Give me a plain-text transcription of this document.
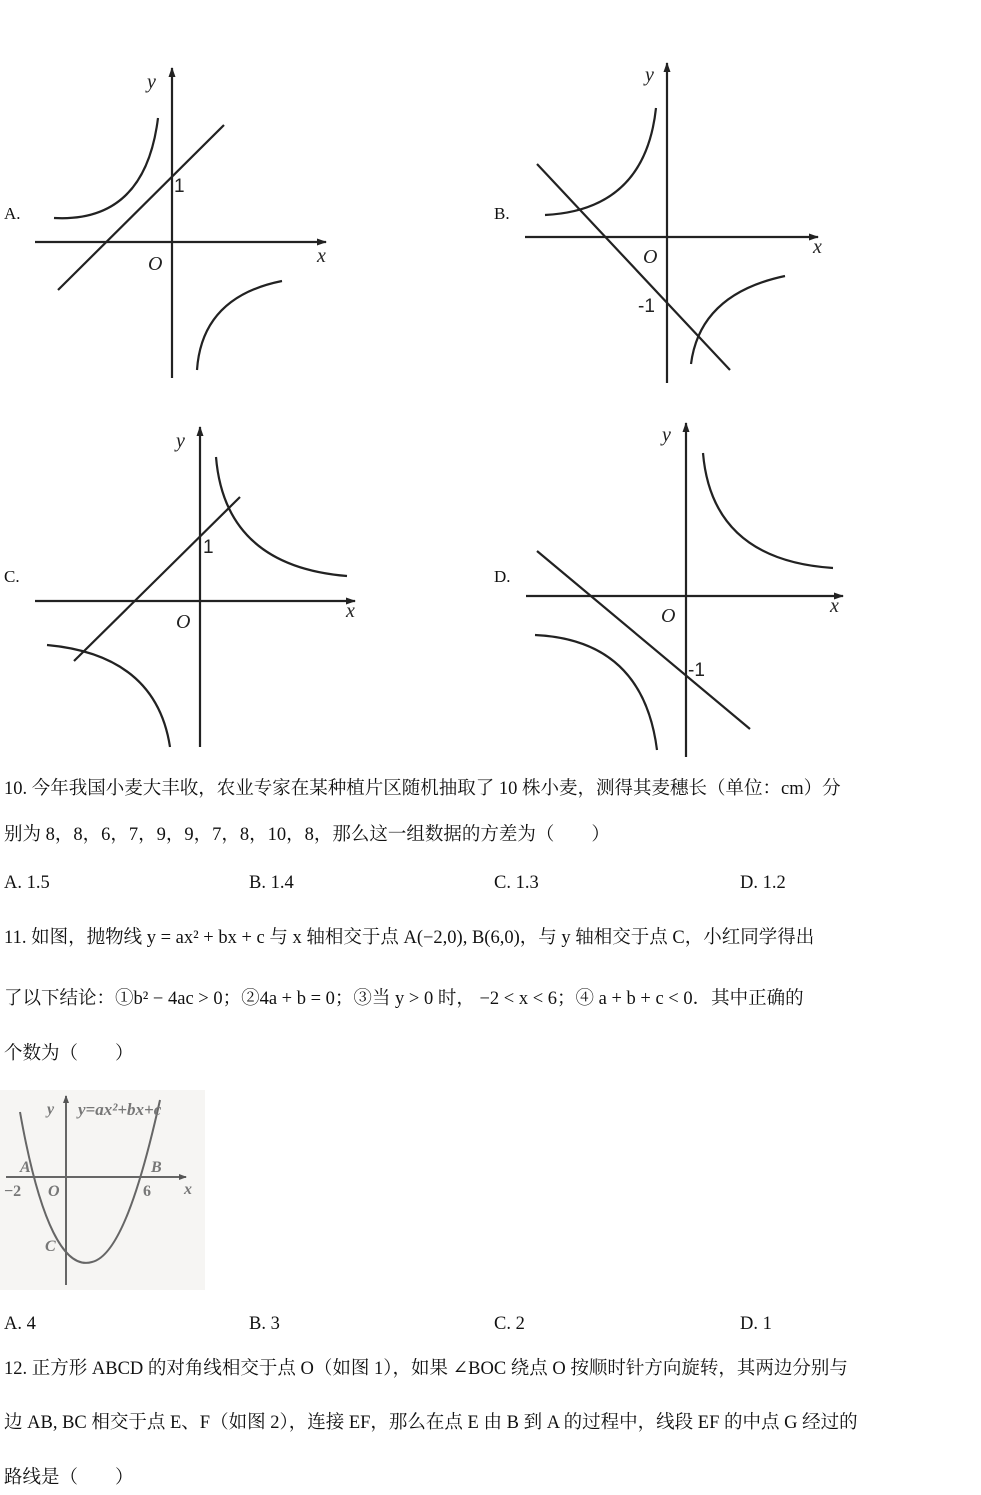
A.	B.
C.	D.
y
x
O
1
y
x
O
-1
y
x
O
1
y
x
O
-1
10. 今年我国小麦大丰收，农业专家在某种植片区随机抽取了 10 株小麦，测得其麦穗长（单位：cm）分
别为 8，8，6，7，9，9，7，8，10，8，那么这一组数据的方差为（　　）
A. 1.5	B. 1.4	C. 1.3	D. 1.2
11. 如图，抛物线 y = ax² + bx + c 与 x 轴相交于点 A(−2,0), B(6,0)，与 y 轴相交于点 C，小红同学得出
了以下结论：①b² − 4ac > 0；②4a + b = 0；③当 y > 0 时， −2 < x < 6；④ a + b + c < 0．其中正确的
个数为（　　）
y=ax²+bx+c
y
x
A	B
−2 O	6
C
A. 4	B. 3	C. 2	D. 1
12. 正方形 ABCD 的对角线相交于点 O（如图 1），如果 ∠BOC 绕点 O 按顺时针方向旋转，其两边分别与
边 AB, BC 相交于点 E、F（如图 2），连接 EF，那么在点 E 由 B 到 A 的过程中，线段 EF 的中点 G 经过的
路线是（　　）
